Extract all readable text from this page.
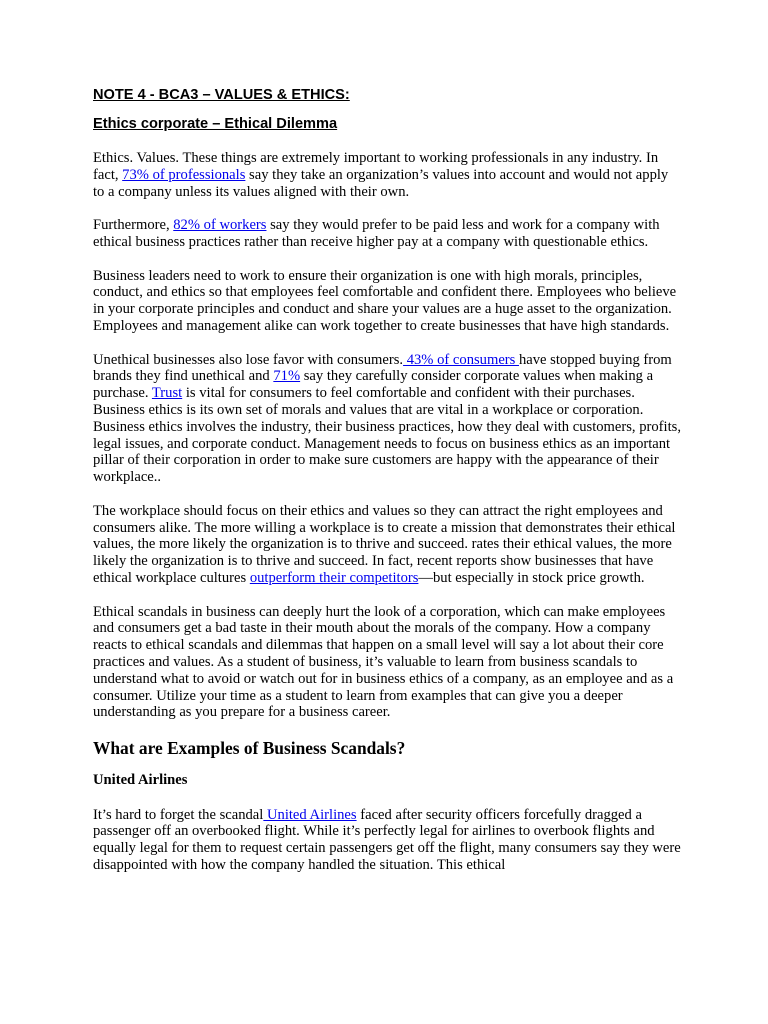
NOTE 4 - BCA3 – VALUES & ETHICS:
Ethics corporate – Ethical Dilemma

Ethics. Values. These things are extremely important to working professionals in any industry. In fact, 73% of professionals say they take an organization’s values into account and would not apply to a company unless its values aligned with their own.

Furthermore, 82% of workers say they would prefer to be paid less and work for a company with ethical business practices rather than receive higher pay at a company with questionable ethics.

Business leaders need to work to ensure their organization is one with high morals, principles, conduct, and ethics so that employees feel comfortable and confident there. Employees who believe in your corporate principles and conduct and share your values are a huge asset to the organization. Employees and management alike can work together to create businesses that have high standards.

Unethical businesses also lose favor with consumers. 43% of consumers have stopped buying from brands they find unethical and 71% say they carefully consider corporate values when making a purchase. Trust is vital for consumers to feel comfortable and confident with their purchases. Business ethics is its own set of morals and values that are vital in a workplace or corporation. Business ethics involves the industry, their business practices, how they deal with customers, profits, legal issues, and corporate conduct. Management needs to focus on business ethics as an important pillar of their corporation in order to make sure customers are happy with the appearance of their workplace..

The workplace should focus on their ethics and values so they can attract the right employees and consumers alike. The more willing a workplace is to create a mission that demonstrates their ethical values, the more likely the organization is to thrive and succeed. rates their ethical values, the more likely the organization is to thrive and succeed. In fact, recent reports show businesses that have ethical workplace cultures outperform their competitors—but especially in stock price growth.

Ethical scandals in business can deeply hurt the look of a corporation, which can make employees and consumers get a bad taste in their mouth about the morals of the company. How a company reacts to ethical scandals and dilemmas that happen on a small level will say a lot about their core practices and values. As a student of business, it’s valuable to learn from business scandals to understand what to avoid or watch out for in business ethics of a company, as an employee and as a consumer. Utilize your time as a student to learn from examples that can give you a deeper understanding as you prepare for a business career.

What are Examples of Business Scandals?
United Airlines

It’s hard to forget the scandal United Airlines faced after security officers forcefully dragged a passenger off an overbooked flight. While it’s perfectly legal for airlines to overbook flights and equally legal for them to request certain passengers get off the flight, many consumers say they were disappointed with how the company handled the situation. This ethical
